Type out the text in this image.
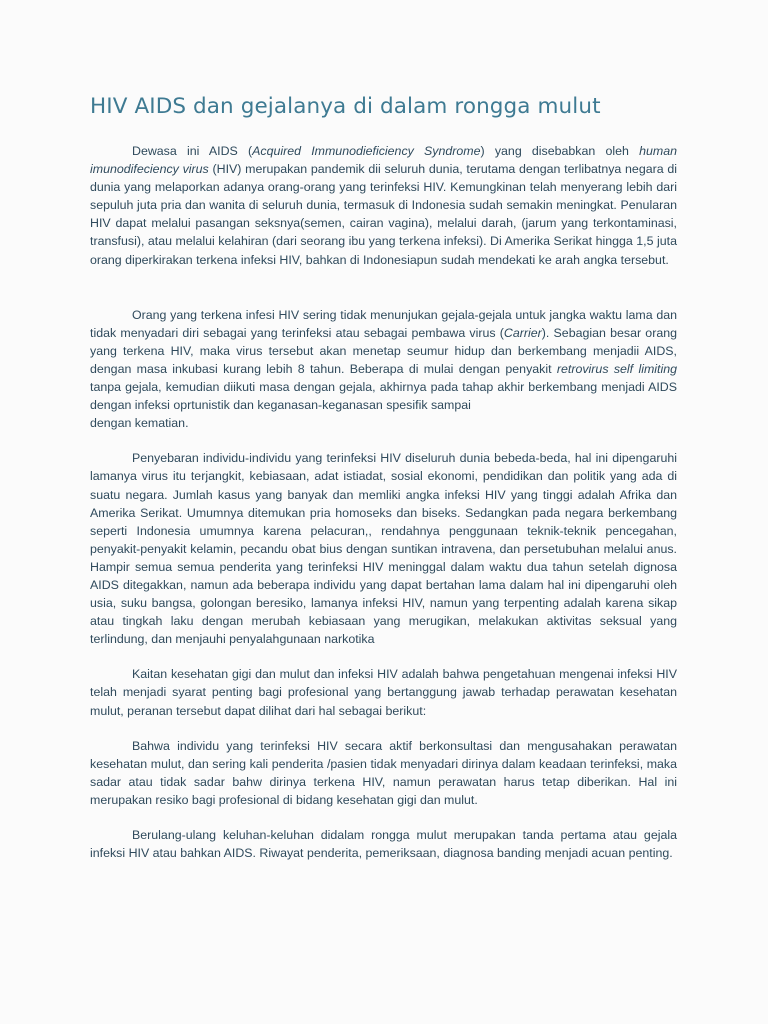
HIV AIDS dan gejalanya di dalam rongga mulut

Dewasa ini AIDS (Acquired Immunodieficiency Syndrome) yang disebabkan oleh human imunodifeciency virus (HIV) merupakan pandemik dii seluruh dunia, terutama dengan terlibatnya negara di dunia yang melaporkan adanya orang-orang yang terinfeksi HIV. Kemungkinan telah menyerang lebih dari sepuluh juta pria dan wanita di seluruh dunia, termasuk di Indonesia sudah semakin meningkat. Penularan HIV dapat melalui pasangan seksnya(semen, cairan vagina), melalui darah, (jarum yang terkontaminasi, transfusi), atau melalui kelahiran (dari seorang ibu yang terkena infeksi). Di Amerika Serikat hingga 1,5 juta orang diperkirakan terkena infeksi HIV, bahkan di Indonesiapun sudah mendekati ke arah angka tersebut.

Orang yang terkena infesi HIV sering tidak menunjukan gejala-gejala untuk jangka waktu lama dan tidak menyadari diri sebagai yang terinfeksi atau sebagai pembawa virus (Carrier). Sebagian besar orang yang terkena HIV, maka virus tersebut akan menetap seumur hidup dan berkembang menjadii AIDS, dengan masa inkubasi kurang lebih 8 tahun. Beberapa di mulai dengan penyakit retrovirus self limiting tanpa gejala, kemudian diikuti masa dengan gejala, akhirnya pada tahap akhir berkembang menjadi AIDS dengan infeksi oprtunistik dan keganasan-keganasan spesifik sampai
dengan kematian.

Penyebaran individu-individu yang terinfeksi HIV diseluruh dunia bebeda-beda, hal ini dipengaruhi lamanya virus itu terjangkit, kebiasaan, adat istiadat, sosial ekonomi, pendidikan dan politik yang ada di suatu negara. Jumlah kasus yang banyak dan memliki angka infeksi HIV yang tinggi adalah Afrika dan Amerika Serikat. Umumnya ditemukan pria homoseks dan biseks. Sedangkan pada negara berkembang seperti Indonesia umumnya karena pelacuran,, rendahnya penggunaan teknik-teknik pencegahan, penyakit-penyakit kelamin, pecandu obat bius dengan suntikan intravena, dan persetubuhan melalui anus. Hampir semua semua penderita yang terinfeksi HIV meninggal dalam waktu dua tahun setelah dignosa AIDS ditegakkan, namun ada beberapa individu yang dapat bertahan lama dalam hal ini dipengaruhi oleh usia, suku bangsa, golongan beresiko, lamanya infeksi HIV, namun yang terpenting adalah karena sikap atau tingkah laku dengan merubah kebiasaan yang merugikan, melakukan aktivitas seksual yang terlindung, dan menjauhi penyalahgunaan narkotika

Kaitan kesehatan gigi dan mulut dan infeksi HIV adalah bahwa pengetahuan mengenai infeksi HIV telah menjadi syarat penting bagi profesional yang bertanggung jawab terhadap perawatan kesehatan mulut, peranan tersebut dapat dilihat dari hal sebagai berikut:

Bahwa individu yang terinfeksi HIV secara aktif berkonsultasi dan mengusahakan perawatan kesehatan mulut, dan sering kali penderita /pasien tidak menyadari dirinya dalam keadaan terinfeksi, maka sadar atau tidak sadar bahw dirinya terkena HIV, namun perawatan harus tetap diberikan. Hal ini merupakan resiko bagi profesional di bidang kesehatan gigi dan mulut.

Berulang-ulang keluhan-keluhan didalam rongga mulut merupakan tanda pertama atau gejala infeksi HIV atau bahkan AIDS. Riwayat penderita, pemeriksaan, diagnosa banding menjadi acuan penting.
